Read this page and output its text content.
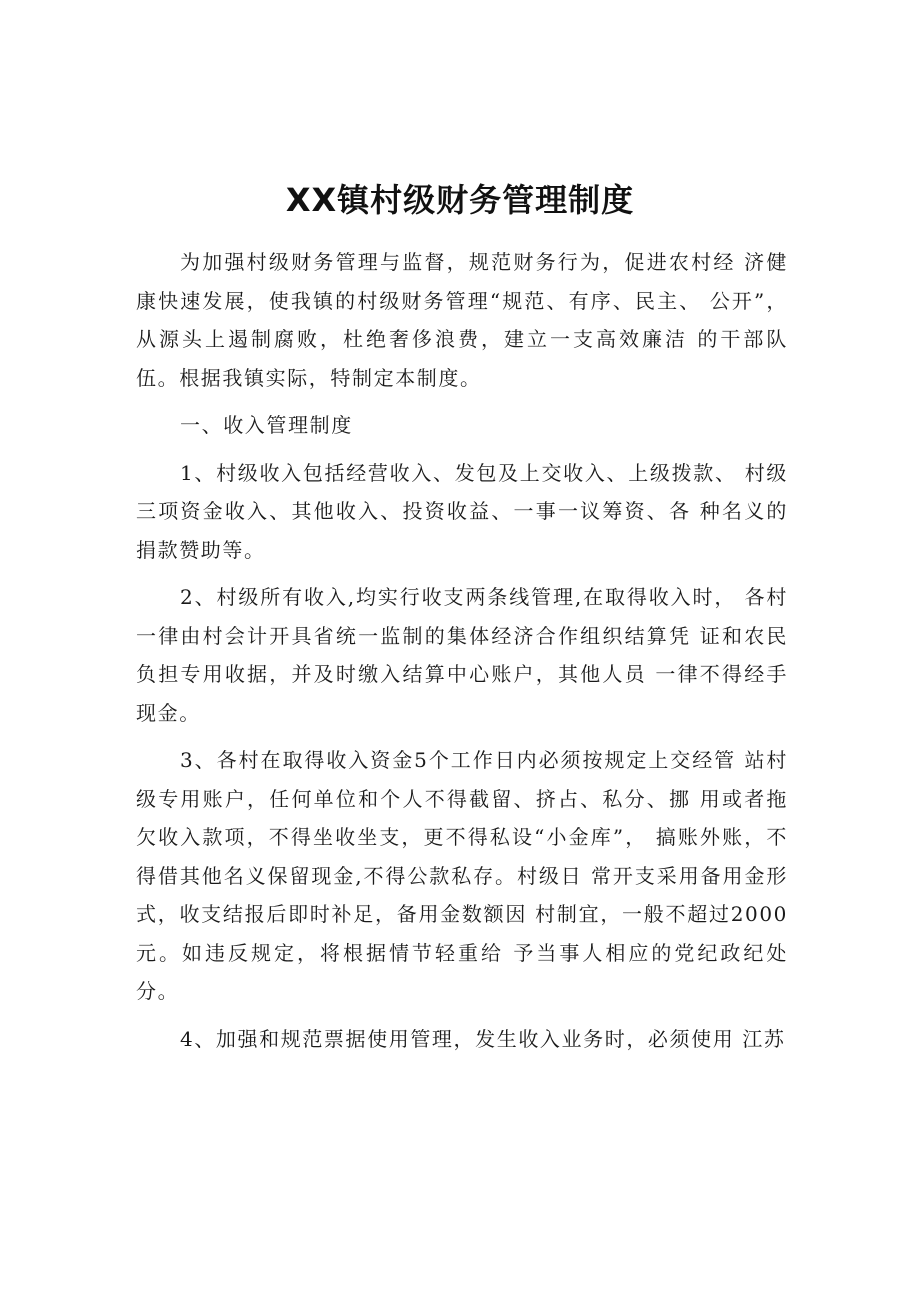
XX镇村级财务管理制度

为加强村级财务管理与监督，规范财务行为，促进农村经 济健康快速发展，使我镇的村级财务管理“规范、有序、民主、 公开”，从源头上遏制腐败，杜绝奢侈浪费，建立一支高效廉洁 的干部队伍。根据我镇实际，特制定本制度。

一、收入管理制度

1、村级收入包括经营收入、发包及上交收入、上级拨款、 村级三项资金收入、其他收入、投资收益、一事一议筹资、各 种名义的捐款赞助等。

2、村级所有收入,均实行收支两条线管理,在取得收入时， 各村一律由村会计开具省统一监制的集体经济合作组织结算凭 证和农民负担专用收据，并及时缴入结算中心账户，其他人员 一律不得经手现金。

3、各村在取得收入资金5个工作日内必须按规定上交经管 站村级专用账户，任何单位和个人不得截留、挤占、私分、挪 用或者拖欠收入款项，不得坐收坐支，更不得私设“小金库”， 搞账外账，不得借其他名义保留现金,不得公款私存。村级日 常开支采用备用金形式，收支结报后即时补足，备用金数额因 村制宜，一般不超过2000元。如违反规定，将根据情节轻重给 予当事人相应的党纪政纪处分。

4、加强和规范票据使用管理，发生收入业务时，必须使用 江苏
